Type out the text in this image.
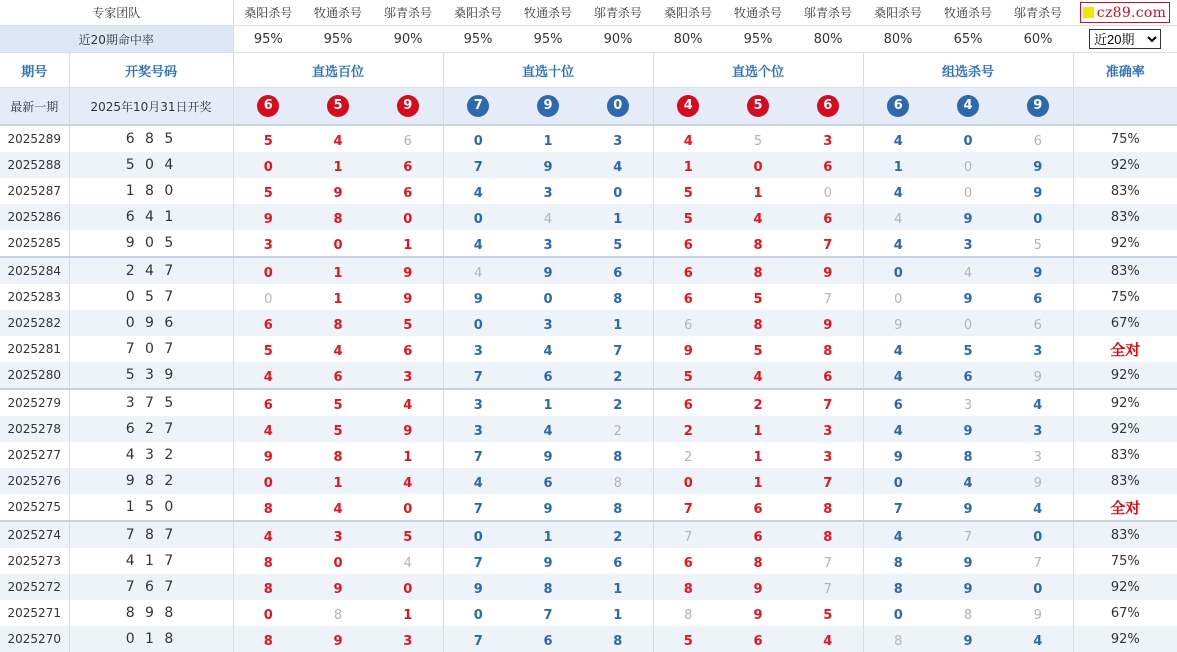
专家团队		桑阳杀号	牧通杀号	邬青杀号	桑阳杀号	牧通杀号	邬青杀号	桑阳杀号	牧通杀号	邬青杀号	桑阳杀号	牧通杀号	邬青杀号	cz89.com

近20期命中率		95%	95%	90%	95%	95%	90%	80%	95%	80%	80%	65%	60%	
近20期
期号	开奖号码	直选百位			直选十位			直选个位			组选杀号			准确率
最新一期	2025年10月31日开奖	6	5	9	7	9	0	4	5	6	6	4	9	
2025289	6 8 5	5	4	6	0	1	3	4	5	3	4	0	6	75%
2025288	5 0 4	0	1	6	7	9	4	1	0	6	1	0	9	92%
2025287	1 8 0	5	9	6	4	3	0	5	1	0	4	0	9	83%
2025286	6 4 1	9	8	0	0	4	1	5	4	6	4	9	0	83%
2025285	9 0 5	3	0	1	4	3	5	6	8	7	4	3	5	92%
2025284	2 4 7	0	1	9	4	9	6	6	8	9	0	4	9	83%
2025283	0 5 7	0	1	9	9	0	8	6	5	7	0	9	6	75%
2025282	0 9 6	6	8	5	0	3	1	6	8	9	9	0	6	67%
2025281	7 0 7	5	4	6	3	4	7	9	5	8	4	5	3	全对
2025280	5 3 9	4	6	3	7	6	2	5	4	6	4	6	9	92%
2025279	3 7 5	6	5	4	3	1	2	6	2	7	6	3	4	92%
2025278	6 2 7	4	5	9	3	4	2	2	1	3	4	9	3	92%
2025277	4 3 2	9	8	1	7	9	8	2	1	3	9	8	3	83%
2025276	9 8 2	0	1	4	4	6	8	0	1	7	0	4	9	83%
2025275	1 5 0	8	4	0	7	9	8	7	6	8	7	9	4	全对
2025274	7 8 7	4	3	5	0	1	2	7	6	8	4	7	0	83%
2025273	4 1 7	8	0	4	7	9	6	6	8	7	8	9	7	75%
2025272	7 6 7	8	9	0	9	8	1	8	9	7	8	9	0	92%
2025271	8 9 8	0	8	1	0	7	1	8	9	5	0	8	9	67%
2025270	0 1 8	8	9	3	7	6	8	5	6	4	8	9	4	92%
